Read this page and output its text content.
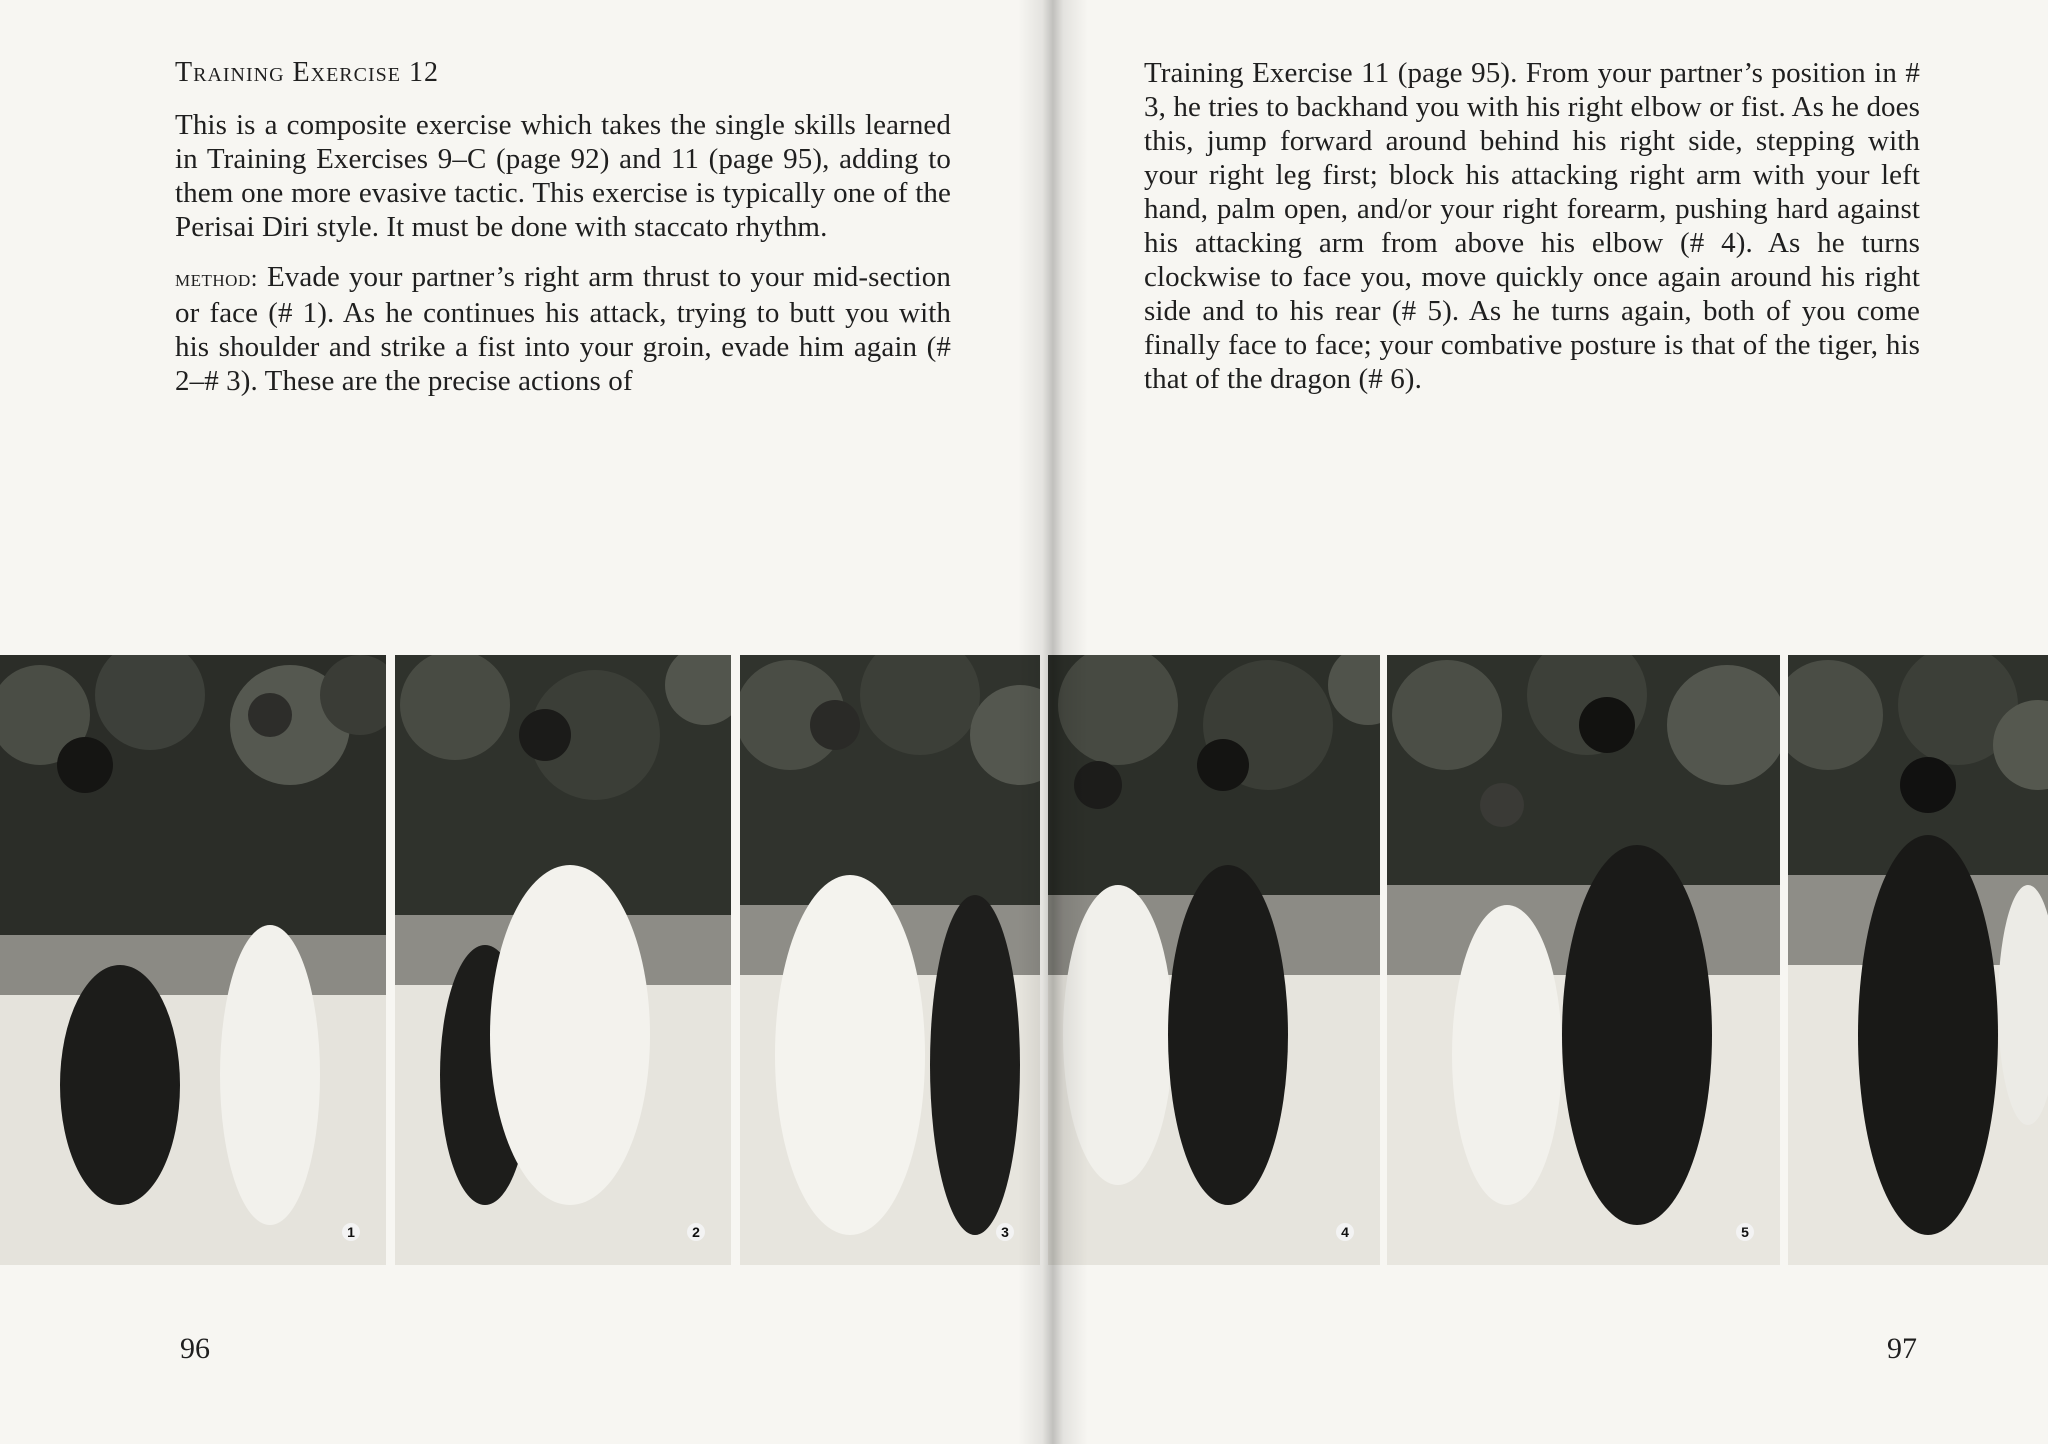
Training Exercise 12

This is a composite exercise which takes the single skills learned in Training Exercises 9–C (page 92) and 11 (page 95), adding to them one more evasive tactic. This exercise is typically one of the Perisai Diri style. It must be done with staccato rhythm.

method: Evade your partner’s right arm thrust to your mid-section or face (# 1). As he continues his attack, trying to butt you with his shoulder and strike a fist into your groin, evade him again (# 2–# 3). These are the precise actions of

96

Training Exercise 11 (page 95). From your partner’s position in # 3, he tries to backhand you with his right elbow or fist. As he does this, jump forward around behind his right side, stepping with your right leg first; block his attacking right arm with your left hand, palm open, and/or your right forearm, pushing hard against his attacking arm from above his elbow (# 4). As he turns clockwise to face you, move quickly once again around his right side and to his rear (# 5). As he turns again, both of you come finally face to face; your combative posture is that of the tiger, his that of the dragon (# 6).

97
1	2	3	4	5
